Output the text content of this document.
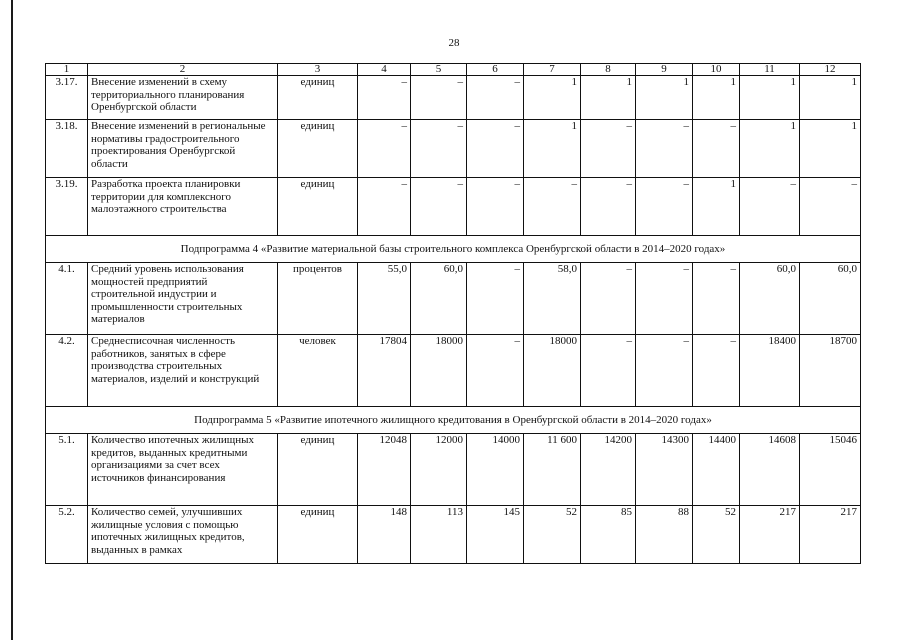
28
1	2	3	4	5	6	7	8	9	10	11	12
3.17.	Внесение изменений в схему территориального планирования Оренбургской области	единиц	–	–	–	1	1	1	1	1	1
3.18.	Внесение изменений в региональные нормативы градостроительного проектирования Оренбургской области	единиц	–	–	–	1	–	–	–	1	1
3.19.	Разработка проекта планировки территории для комплексного малоэтажного строительства	единиц	–	–	–	–	–	–	1	–	–
Подпрограмма 4 «Развитие материальной базы строительного комплекса Оренбургской области в 2014–2020 годах»											
4.1.	Средний уровень использования мощностей предприятий строительной индустрии и промышленности строительных материалов	процентов	55,0	60,0	–	58,0	–	–	–	60,0	60,0
4.2.	Среднесписочная численность работников, занятых в сфере производства строительных материалов, изделий и конструкций	человек	17804	18000	–	18000	–	–	–	18400	18700
Подпрограмма 5 «Развитие ипотечного жилищного кредитования в Оренбургской области в 2014–2020 годах»											
5.1.	Количество ипотечных жилищных кредитов, выданных кредитными организациями за счет всех источников финансирования	единиц	12048	12000	14000	11 600	14200	14300	14400	14608	15046
5.2.	Количество семей, улучшивших жилищные условия с помощью ипотечных жилищных кредитов, выданных в рамках	единиц	148	113	145	52	85	88	52	217	217
